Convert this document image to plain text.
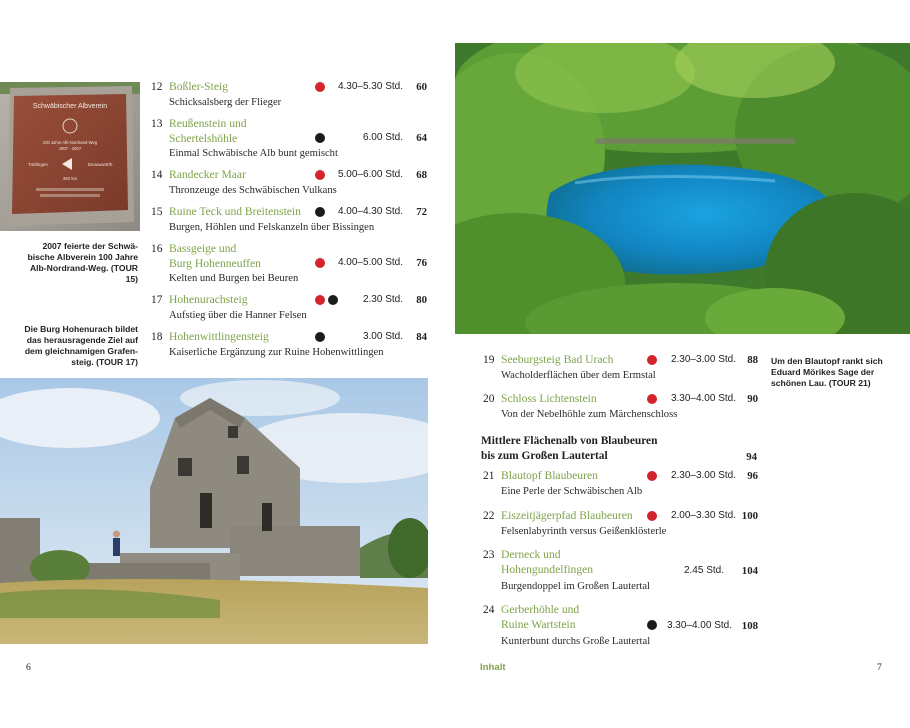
Schwäbischer Albverein
100 Jahre Alb-Nordrand-Weg
1907 - 2007
Tuttlingen	Donauwörth
360 km
2007 feierte der Schwä-bische Albverein 100 Jahre Alb-Nordrand-Weg. (TOUR 15)
Die Burg Hohenurach bildet das herausragende Ziel auf dem gleichnamigen Grafen-steig. (TOUR 17)
12 Boßler-Steig	4.30–5.30 Std. 60
Schicksalsberg der Flieger
13 Reußenstein und
Schertelshöhle	6.00 Std. 64
Einmal Schwäbische Alb bunt gemischt
14 Randecker Maar	5.00–6.00 Std. 68
Thronzeuge des Schwäbischen Vulkans
15 Ruine Teck und Breitenstein	4.00–4.30 Std. 72
Burgen, Höhlen und Felskanzeln über Bissingen
16 Bassgeige und
Burg Hohenneuffen	4.00–5.00 Std. 76
Kelten und Burgen bei Beuren
17 Hohenurachsteig	2.30 Std. 80
Aufstieg über die Hanner Felsen
18 Hohenwittlingensteig	3.00 Std. 84
Kaiserliche Ergänzung zur Ruine Hohenwittlingen
19 Seeburgsteig Bad Urach	2.30–3.00 Std. 88
Wacholderflächen über dem Ermstal
20 Schloss Lichtenstein	3.30–4.00 Std. 90
Von der Nebelhöhle zum Märchenschloss
Mittlere Flächenalb von Blaubeuren
bis zum Großen Lautertal	94
21 Blautopf Blaubeuren	2.30–3.00 Std. 96
Eine Perle der Schwäbischen Alb
22 Eiszeitjägerpfad Blaubeuren	2.00–3.30 Std. 100
Felsenlabyrinth versus Geißenklösterle
23 Derneck und
Hohengundelfingen	2.45 Std. 104
Burgendoppel im Großen Lautertal
24 Gerberhöhle und
Ruine Wartstein	3.30–4.00 Std. 108
Kunterbunt durchs Große Lautertal
Um den Blautopf rankt sich Eduard Mörikes Sage der schönen Lau. (TOUR 21)
6	Inhalt	7
